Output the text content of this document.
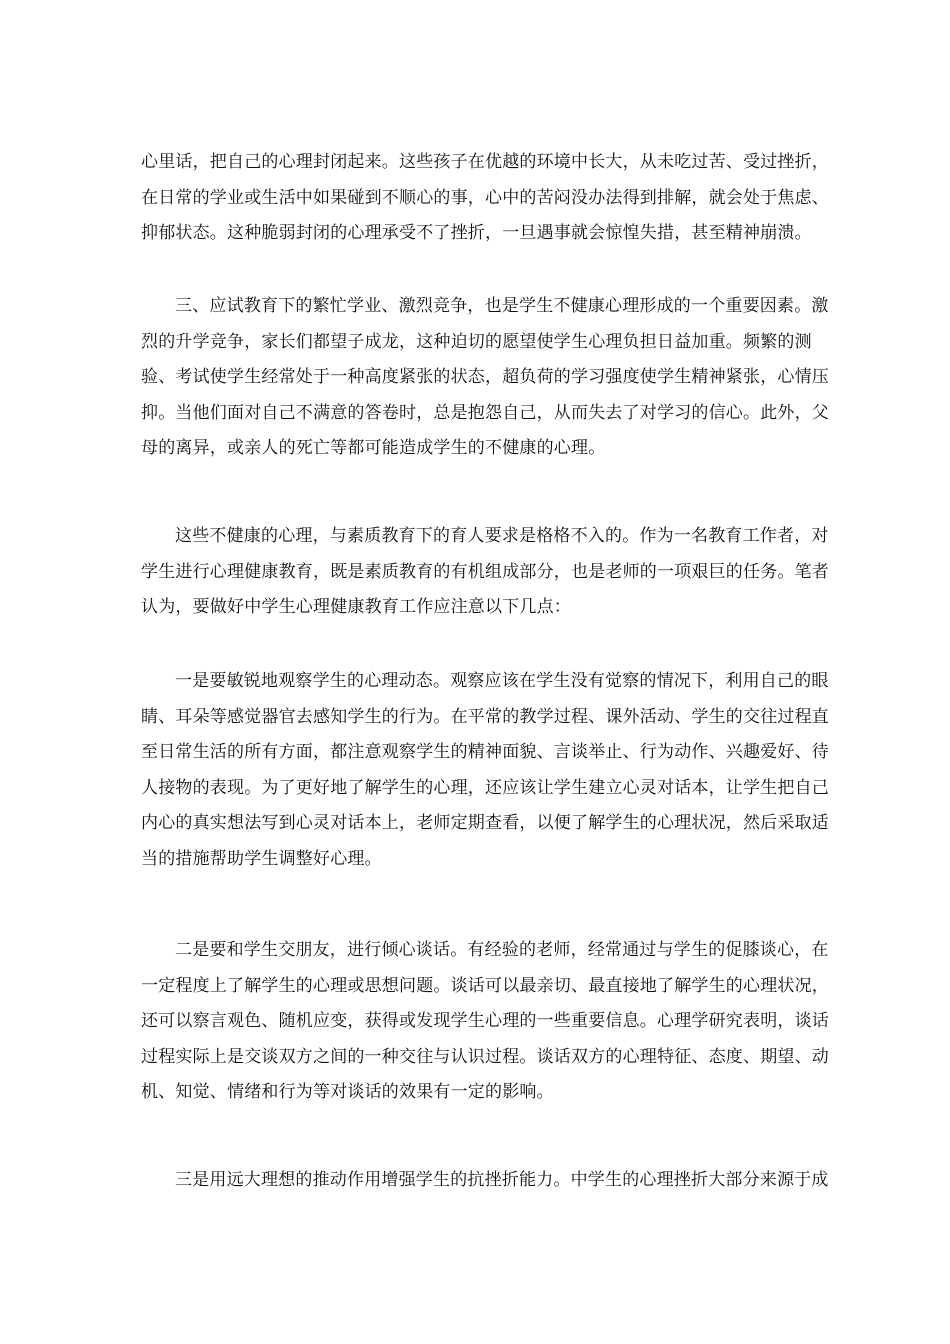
心里话，把自己的心理封闭起来。这些孩子在优越的环境中长大，从未吃过苦、受过挫折，
在日常的学业或生活中如果碰到不顺心的事，心中的苦闷没办法得到排解，就会处于焦虑、
抑郁状态。这种脆弱封闭的心理承受不了挫折，一旦遇事就会惊惶失措，甚至精神崩溃。

三、应试教育下的繁忙学业、激烈竞争，也是学生不健康心理形成的一个重要因素。激
烈的升学竞争，家长们都望子成龙，这种迫切的愿望使学生心理负担日益加重。频繁的测
验、考试使学生经常处于一种高度紧张的状态，超负荷的学习强度使学生精神紧张，心情压
抑。当他们面对自己不满意的答卷时，总是抱怨自己，从而失去了对学习的信心。此外，父
母的离异，或亲人的死亡等都可能造成学生的不健康的心理。

这些不健康的心理，与素质教育下的育人要求是格格不入的。作为一名教育工作者，对
学生进行心理健康教育，既是素质教育的有机组成部分，也是老师的一项艰巨的任务。笔者
认为，要做好中学生心理健康教育工作应注意以下几点：

一是要敏锐地观察学生的心理动态。观察应该在学生没有觉察的情况下，利用自己的眼
睛、耳朵等感觉器官去感知学生的行为。在平常的教学过程、课外活动、学生的交往过程直
至日常生活的所有方面，都注意观察学生的精神面貌、言谈举止、行为动作、兴趣爱好、待
人接物的表现。为了更好地了解学生的心理，还应该让学生建立心灵对话本，让学生把自己
内心的真实想法写到心灵对话本上，老师定期查看，以便了解学生的心理状况，然后采取适
当的措施帮助学生调整好心理。

二是要和学生交朋友，进行倾心谈话。有经验的老师，经常通过与学生的促膝谈心，在
一定程度上了解学生的心理或思想问题。谈话可以最亲切、最直接地了解学生的心理状况，
还可以察言观色、随机应变，获得或发现学生心理的一些重要信息。心理学研究表明，谈话
过程实际上是交谈双方之间的一种交往与认识过程。谈话双方的心理特征、态度、期望、动
机、知觉、情绪和行为等对谈话的效果有一定的影响。

三是用远大理想的推动作用增强学生的抗挫折能力。中学生的心理挫折大部分来源于成
